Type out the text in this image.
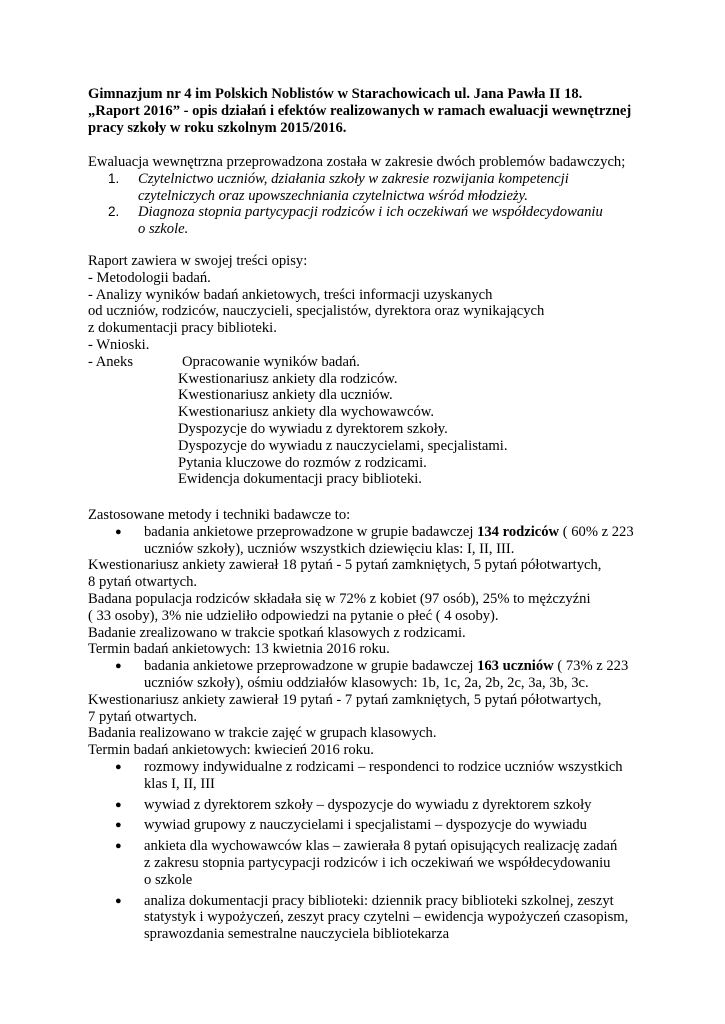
Gimnazjum nr 4 im Polskich Noblistów w Starachowicach ul. Jana Pawła II 18.
„Raport 2016” - opis działań i efektów realizowanych w ramach ewaluacji wewnętrznej
pracy szkoły w roku szkolnym 2015/2016.
Ewaluacja wewnętrzna przeprowadzona została w zakresie dwóch problemów badawczych;
1.	Czytelnictwo uczniów, działania szkoły w zakresie rozwijania kompetencji
czytelniczych oraz upowszechniania czytelnictwa wśród młodzieży.
2.	Diagnoza stopnia partycypacji rodziców i ich oczekiwań we współdecydowaniu
o szkole.
Raport zawiera w swojej treści opisy:
- Metodologii badań.
- Analizy wyników badań ankietowych, treści informacji uzyskanych
od uczniów, rodziców, nauczycieli, specjalistów, dyrektora oraz wynikających
z dokumentacji pracy biblioteki.
- Wnioski.
- Aneks	Opracowanie wyników badań.
Kwestionariusz ankiety dla rodziców.
Kwestionariusz ankiety dla uczniów.
Kwestionariusz ankiety dla wychowawców.
Dyspozycje do wywiadu z dyrektorem szkoły.
Dyspozycje do wywiadu z nauczycielami, specjalistami.
Pytania kluczowe do rozmów z rodzicami.
Ewidencja dokumentacji pracy biblioteki.
Zastosowane metody i techniki badawcze to:
●	badania ankietowe przeprowadzone w grupie badawczej 134 rodziców ( 60% z 223
uczniów szkoły), uczniów wszystkich dziewięciu klas: I, II, III.
Kwestionariusz ankiety zawierał 18 pytań - 5 pytań zamkniętych, 5 pytań półotwartych,
8 pytań otwartych.
Badana populacja rodziców składała się w 72% z kobiet (97 osób), 25% to mężczyźni
( 33 osoby), 3% nie udzieliło odpowiedzi na pytanie o płeć ( 4 osoby).
Badanie zrealizowano w trakcie spotkań klasowych z rodzicami.
Termin badań ankietowych: 13 kwietnia 2016 roku.
●	badania ankietowe przeprowadzone w grupie badawczej 163 uczniów ( 73% z 223
uczniów szkoły), ośmiu oddziałów klasowych: 1b, 1c, 2a, 2b, 2c, 3a, 3b, 3c.
Kwestionariusz ankiety zawierał 19 pytań - 7 pytań zamkniętych, 5 pytań półotwartych,
7 pytań otwartych.
Badania realizowano w trakcie zajęć w grupach klasowych.
Termin badań ankietowych: kwiecień 2016 roku.
●	rozmowy indywidualne z rodzicami – respondenci to rodzice uczniów wszystkich
klas I, II, III
●	wywiad z dyrektorem szkoły – dyspozycje do wywiadu z dyrektorem szkoły
●	wywiad grupowy z nauczycielami i specjalistami – dyspozycje do wywiadu
●	ankieta dla wychowawców klas – zawierała 8 pytań opisujących realizację zadań
z zakresu stopnia partycypacji rodziców i ich oczekiwań we współdecydowaniu
o szkole
●	analiza dokumentacji pracy biblioteki: dziennik pracy biblioteki szkolnej, zeszyt
statystyk i wypożyczeń, zeszyt pracy czytelni – ewidencja wypożyczeń czasopism,
sprawozdania semestralne nauczyciela bibliotekarza
